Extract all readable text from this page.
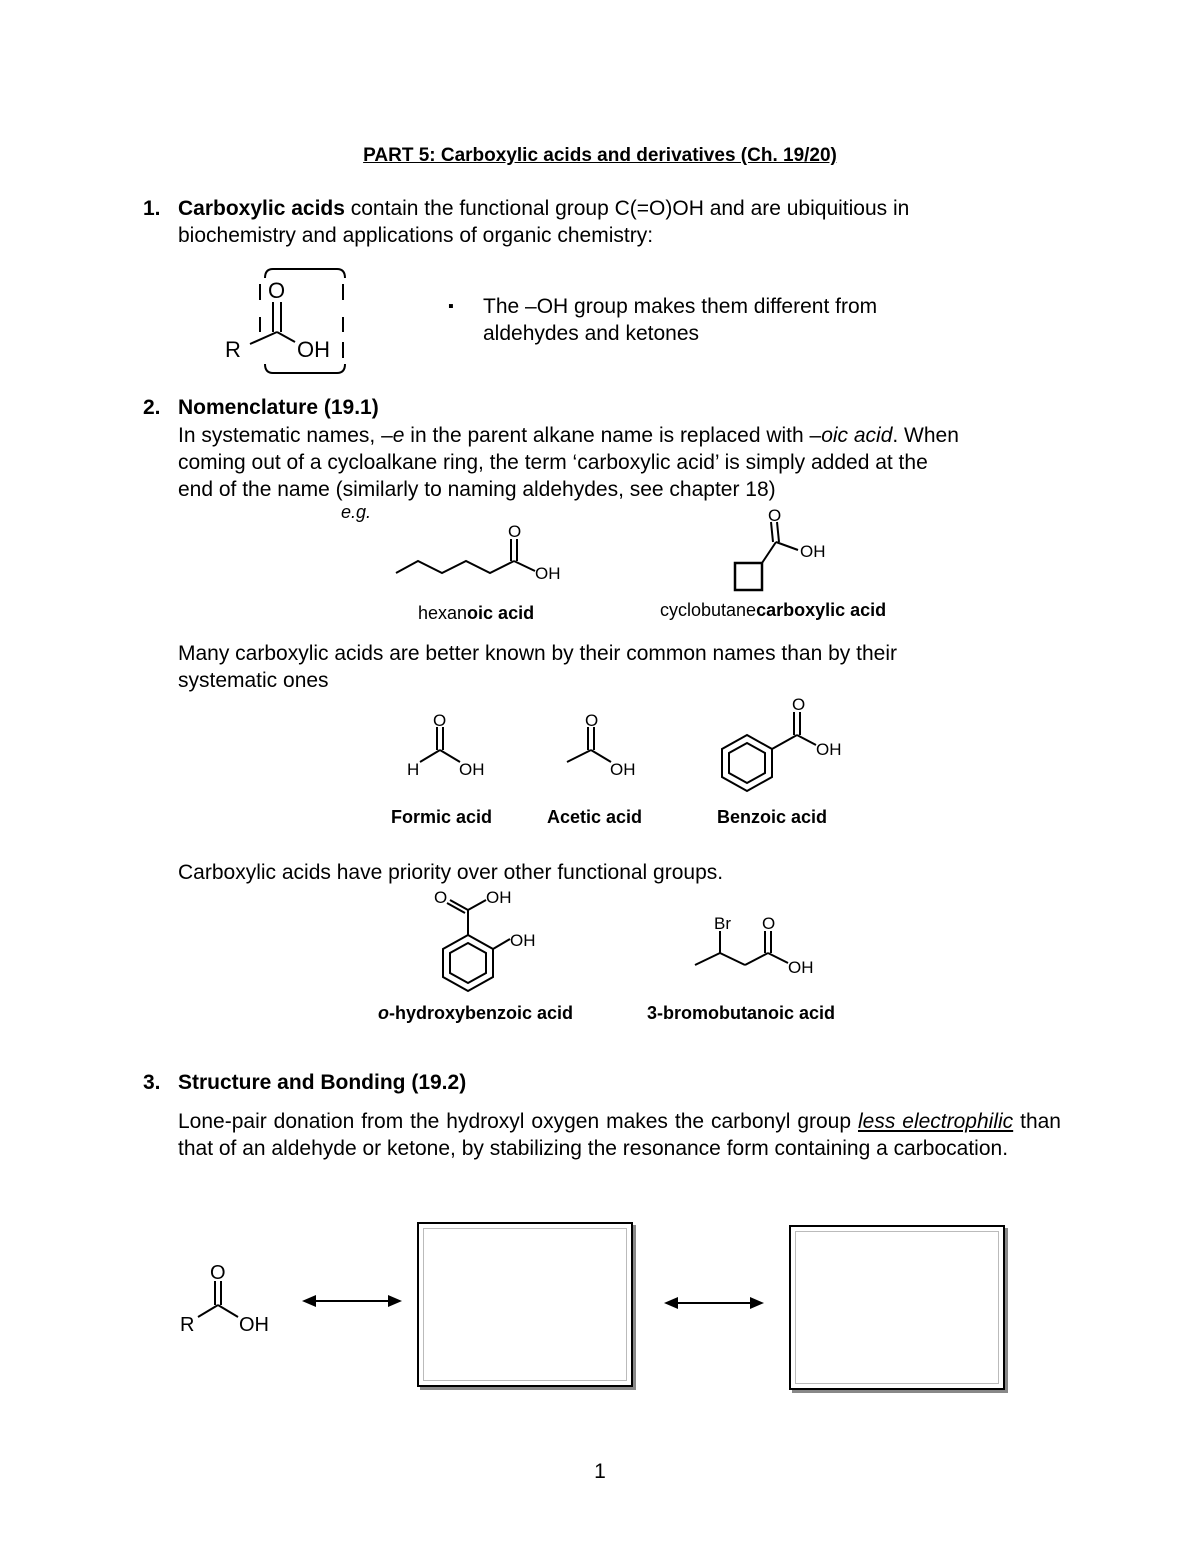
PART 5: Carboxylic acids and derivatives (Ch. 19/20)
1. Carboxylic acids contain the functional group C(=O)OH and are ubiquitious in
biochemistry and applications of organic chemistry:
O
R	OH
▪ The –OH group makes them different from
aldehydes and ketones
2. Nomenclature (19.1)
In systematic names, –e in the parent alkane name is replaced with –oic acid. When
coming out of a cycloalkane ring, the term ‘carboxylic acid’ is simply added at the
end of the name (similarly to naming aldehydes, see chapter 18)
e.g.
O
OH
hexanoic acid
O
OH
cyclobutanecarboxylic acid
Many carboxylic acids are better known by their common names than by their
systematic ones
O
H OH
O
OH
O
OH
Formic acid	Acetic acid	Benzoic acid
Carboxylic acids have priority over other functional groups.
O OH
OH
Br O
OH
o-hydroxybenzoic acid	3-bromobutanoic acid
3. Structure and Bonding (19.2)
Lone-pair donation from the hydroxyl oxygen makes the carbonyl group less electrophilic than that of an aldehyde or ketone, by stabilizing the resonance form containing a carbocation.
O
R OH
1
